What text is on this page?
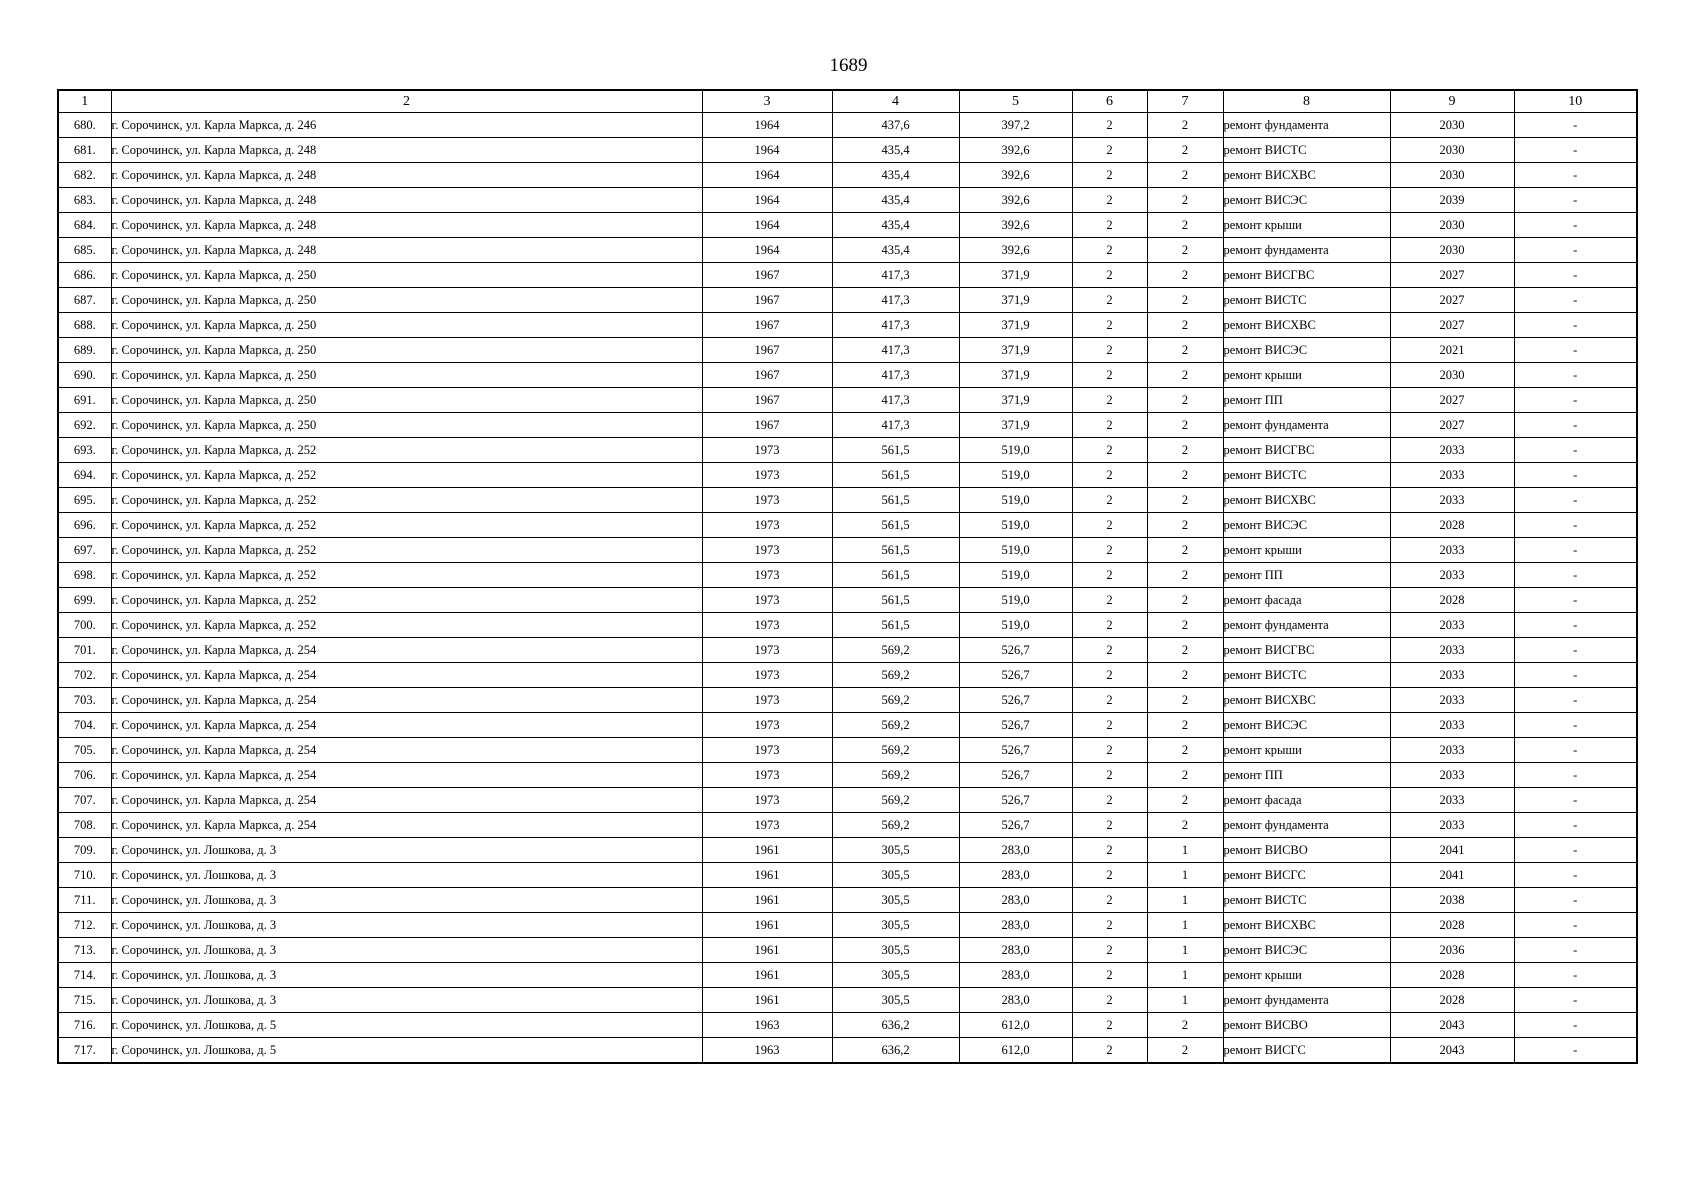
1689
1	2	3	4	5	6	7	8	9	10
680.	г. Сорочинск, ул. Карла Маркса, д. 246	1964	437,6	397,2	2	2	ремонт фундамента	2030	-
681.	г. Сорочинск, ул. Карла Маркса, д. 248	1964	435,4	392,6	2	2	ремонт ВИСТС	2030	-
682.	г. Сорочинск, ул. Карла Маркса, д. 248	1964	435,4	392,6	2	2	ремонт ВИСХВС	2030	-
683.	г. Сорочинск, ул. Карла Маркса, д. 248	1964	435,4	392,6	2	2	ремонт ВИСЭС	2039	-
684.	г. Сорочинск, ул. Карла Маркса, д. 248	1964	435,4	392,6	2	2	ремонт крыши	2030	-
685.	г. Сорочинск, ул. Карла Маркса, д. 248	1964	435,4	392,6	2	2	ремонт фундамента	2030	-
686.	г. Сорочинск, ул. Карла Маркса, д. 250	1967	417,3	371,9	2	2	ремонт ВИСГВС	2027	-
687.	г. Сорочинск, ул. Карла Маркса, д. 250	1967	417,3	371,9	2	2	ремонт ВИСТС	2027	-
688.	г. Сорочинск, ул. Карла Маркса, д. 250	1967	417,3	371,9	2	2	ремонт ВИСХВС	2027	-
689.	г. Сорочинск, ул. Карла Маркса, д. 250	1967	417,3	371,9	2	2	ремонт ВИСЭС	2021	-
690.	г. Сорочинск, ул. Карла Маркса, д. 250	1967	417,3	371,9	2	2	ремонт крыши	2030	-
691.	г. Сорочинск, ул. Карла Маркса, д. 250	1967	417,3	371,9	2	2	ремонт ПП	2027	-
692.	г. Сорочинск, ул. Карла Маркса, д. 250	1967	417,3	371,9	2	2	ремонт фундамента	2027	-
693.	г. Сорочинск, ул. Карла Маркса, д. 252	1973	561,5	519,0	2	2	ремонт ВИСГВС	2033	-
694.	г. Сорочинск, ул. Карла Маркса, д. 252	1973	561,5	519,0	2	2	ремонт ВИСТС	2033	-
695.	г. Сорочинск, ул. Карла Маркса, д. 252	1973	561,5	519,0	2	2	ремонт ВИСХВС	2033	-
696.	г. Сорочинск, ул. Карла Маркса, д. 252	1973	561,5	519,0	2	2	ремонт ВИСЭС	2028	-
697.	г. Сорочинск, ул. Карла Маркса, д. 252	1973	561,5	519,0	2	2	ремонт крыши	2033	-
698.	г. Сорочинск, ул. Карла Маркса, д. 252	1973	561,5	519,0	2	2	ремонт ПП	2033	-
699.	г. Сорочинск, ул. Карла Маркса, д. 252	1973	561,5	519,0	2	2	ремонт фасада	2028	-
700.	г. Сорочинск, ул. Карла Маркса, д. 252	1973	561,5	519,0	2	2	ремонт фундамента	2033	-
701.	г. Сорочинск, ул. Карла Маркса, д. 254	1973	569,2	526,7	2	2	ремонт ВИСГВС	2033	-
702.	г. Сорочинск, ул. Карла Маркса, д. 254	1973	569,2	526,7	2	2	ремонт ВИСТС	2033	-
703.	г. Сорочинск, ул. Карла Маркса, д. 254	1973	569,2	526,7	2	2	ремонт ВИСХВС	2033	-
704.	г. Сорочинск, ул. Карла Маркса, д. 254	1973	569,2	526,7	2	2	ремонт ВИСЭС	2033	-
705.	г. Сорочинск, ул. Карла Маркса, д. 254	1973	569,2	526,7	2	2	ремонт крыши	2033	-
706.	г. Сорочинск, ул. Карла Маркса, д. 254	1973	569,2	526,7	2	2	ремонт ПП	2033	-
707.	г. Сорочинск, ул. Карла Маркса, д. 254	1973	569,2	526,7	2	2	ремонт фасада	2033	-
708.	г. Сорочинск, ул. Карла Маркса, д. 254	1973	569,2	526,7	2	2	ремонт фундамента	2033	-
709.	г. Сорочинск, ул. Лошкова, д. 3	1961	305,5	283,0	2	1	ремонт ВИСВО	2041	-
710.	г. Сорочинск, ул. Лошкова, д. 3	1961	305,5	283,0	2	1	ремонт ВИСГС	2041	-
711.	г. Сорочинск, ул. Лошкова, д. 3	1961	305,5	283,0	2	1	ремонт ВИСТС	2038	-
712.	г. Сорочинск, ул. Лошкова, д. 3	1961	305,5	283,0	2	1	ремонт ВИСХВС	2028	-
713.	г. Сорочинск, ул. Лошкова, д. 3	1961	305,5	283,0	2	1	ремонт ВИСЭС	2036	-
714.	г. Сорочинск, ул. Лошкова, д. 3	1961	305,5	283,0	2	1	ремонт крыши	2028	-
715.	г. Сорочинск, ул. Лошкова, д. 3	1961	305,5	283,0	2	1	ремонт фундамента	2028	-
716.	г. Сорочинск, ул. Лошкова, д. 5	1963	636,2	612,0	2	2	ремонт ВИСВО	2043	-
717.	г. Сорочинск, ул. Лошкова, д. 5	1963	636,2	612,0	2	2	ремонт ВИСГС	2043	-
